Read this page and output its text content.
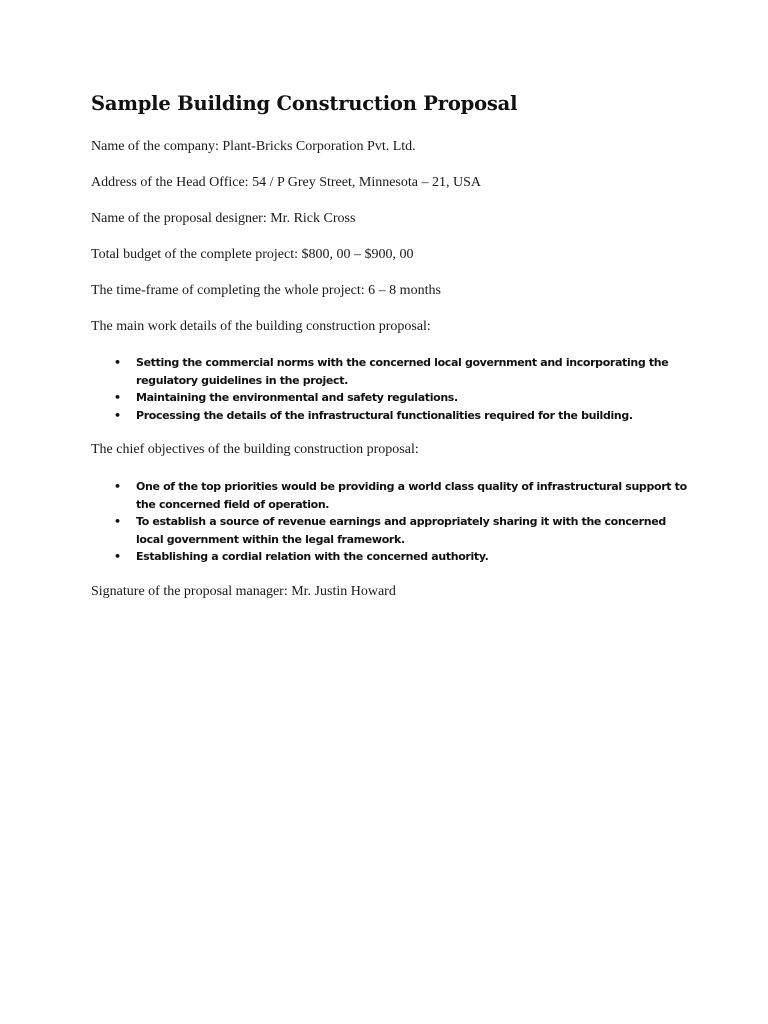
Sample Building Construction Proposal

Name of the company: Plant-Bricks Corporation Pvt. Ltd.

Address of the Head Office: 54 / P Grey Street, Minnesota – 21, USA

Name of the proposal designer: Mr. Rick Cross

Total budget of the complete project: $800, 00 – $900, 00

The time-frame of completing the whole project: 6 – 8 months

The main work details of the building construction proposal:

• Setting the commercial norms with the concerned local government and incorporating the regulatory guidelines in the project.
• Maintaining the environmental and safety regulations.
• Processing the details of the infrastructural functionalities required for the building.

The chief objectives of the building construction proposal:

• One of the top priorities would be providing a world class quality of infrastructural support to the concerned field of operation.
• To establish a source of revenue earnings and appropriately sharing it with the concerned local government within the legal framework.
• Establishing a cordial relation with the concerned authority.

Signature of the proposal manager: Mr. Justin Howard
